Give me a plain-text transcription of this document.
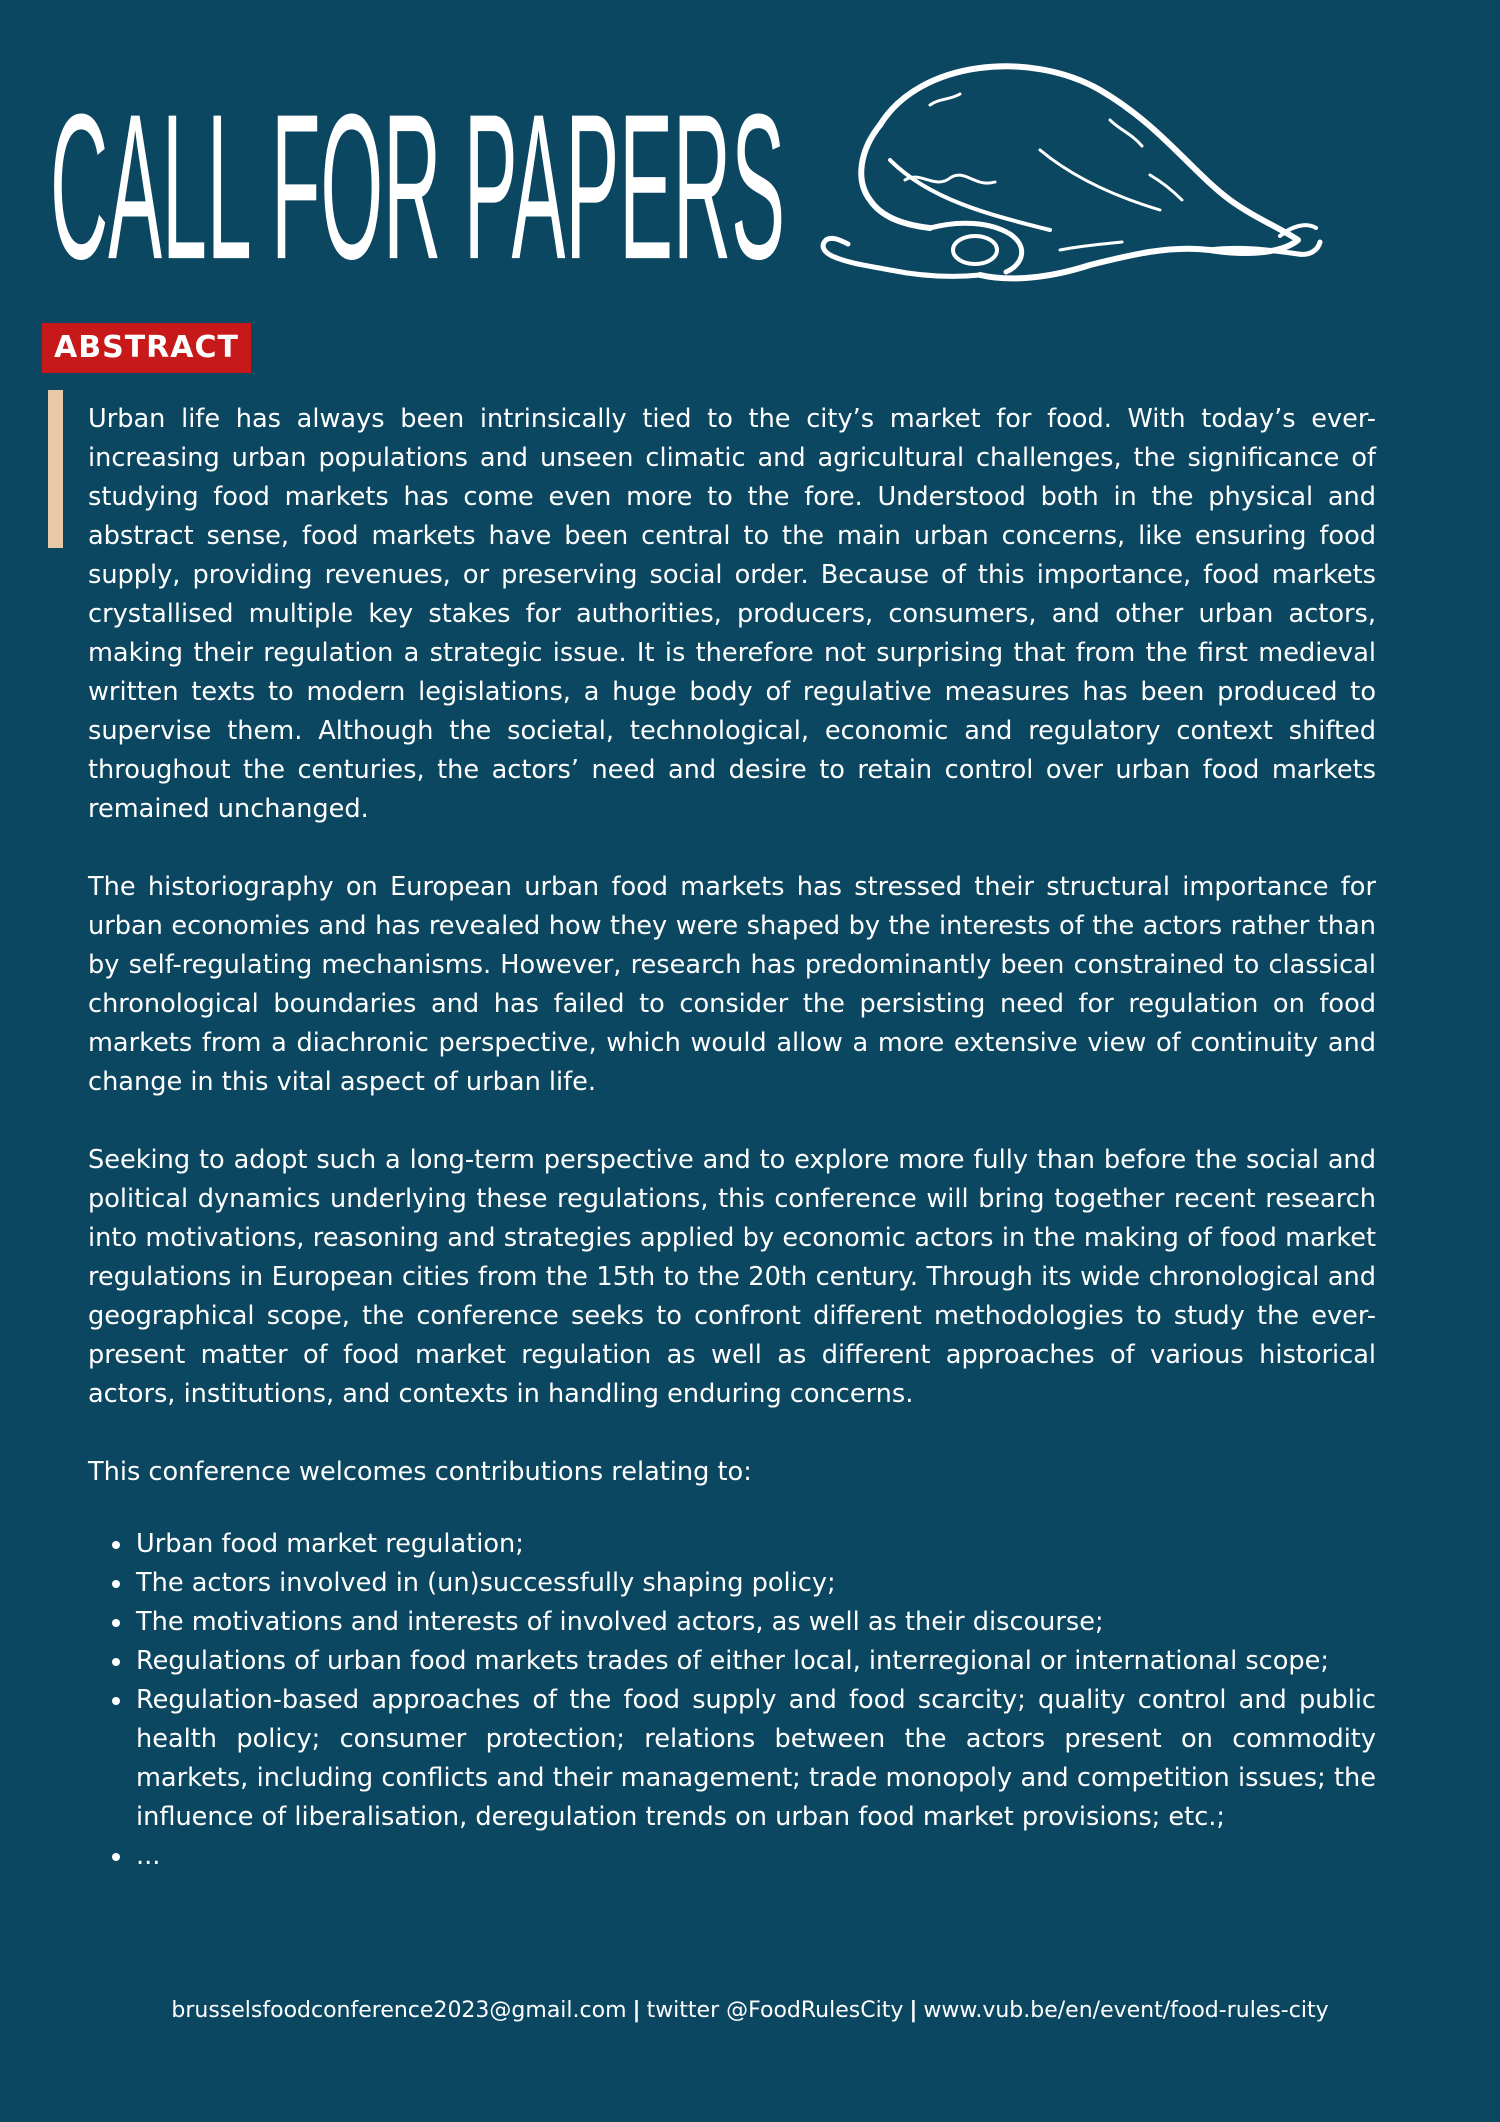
CALL FOR PAPERS
ABSTRACT

Urban life has always been intrinsically tied to the city’s market for food. With today’s ever-increasing urban populations and unseen climatic and agricultural challenges, the significance of studying food markets has come even more to the fore. Understood both in the physical and abstract sense, food markets have been central to the main urban concerns, like ensuring food supply, providing revenues, or preserving social order. Because of this importance, food markets crystallised multiple key stakes for authorities, producers, consumers, and other urban actors, making their regulation a strategic issue. It is therefore not surprising that from the first medieval written texts to modern legislations, a huge body of regulative measures has been produced to supervise them. Although the societal, technological, economic and regulatory context shifted throughout the centuries, the actors’ need and desire to retain control over urban food markets remained unchanged.

The historiography on European urban food markets has stressed their structural importance for urban economies and has revealed how they were shaped by the interests of the actors rather than by self-regulating mechanisms. However, research has predominantly been constrained to classical chronological boundaries and has failed to consider the persisting need for regulation on food markets from a diachronic perspective, which would allow a more extensive view of continuity and change in this vital aspect of urban life.

Seeking to adopt such a long-term perspective and to explore more fully than before the social and political dynamics underlying these regulations, this conference will bring together recent research into motivations, reasoning and strategies applied by economic actors in the making of food market regulations in European cities from the 15th to the 20th century. Through its wide chronological and geographical scope, the conference seeks to confront different methodologies to study the ever-present matter of food market regulation as well as different approaches of various historical actors, institutions, and contexts in handling enduring concerns.

This conference welcomes contributions relating to:

Urban food market regulation;
The actors involved in (un)successfully shaping policy;
The motivations and interests of involved actors, as well as their discourse;
Regulations of urban food markets trades of either local, interregional or international scope;
Regulation-based approaches of the food supply and food scarcity; quality control and public health policy; consumer protection; relations between the actors present on commodity markets, including conflicts and their management; trade monopoly and competition issues; the influence of liberalisation, deregulation trends on urban food market provisions; etc.;
...
brusselsfoodconference2023@gmail.com | twitter @FoodRulesCity | www.vub.be/en/event/food-rules-city
